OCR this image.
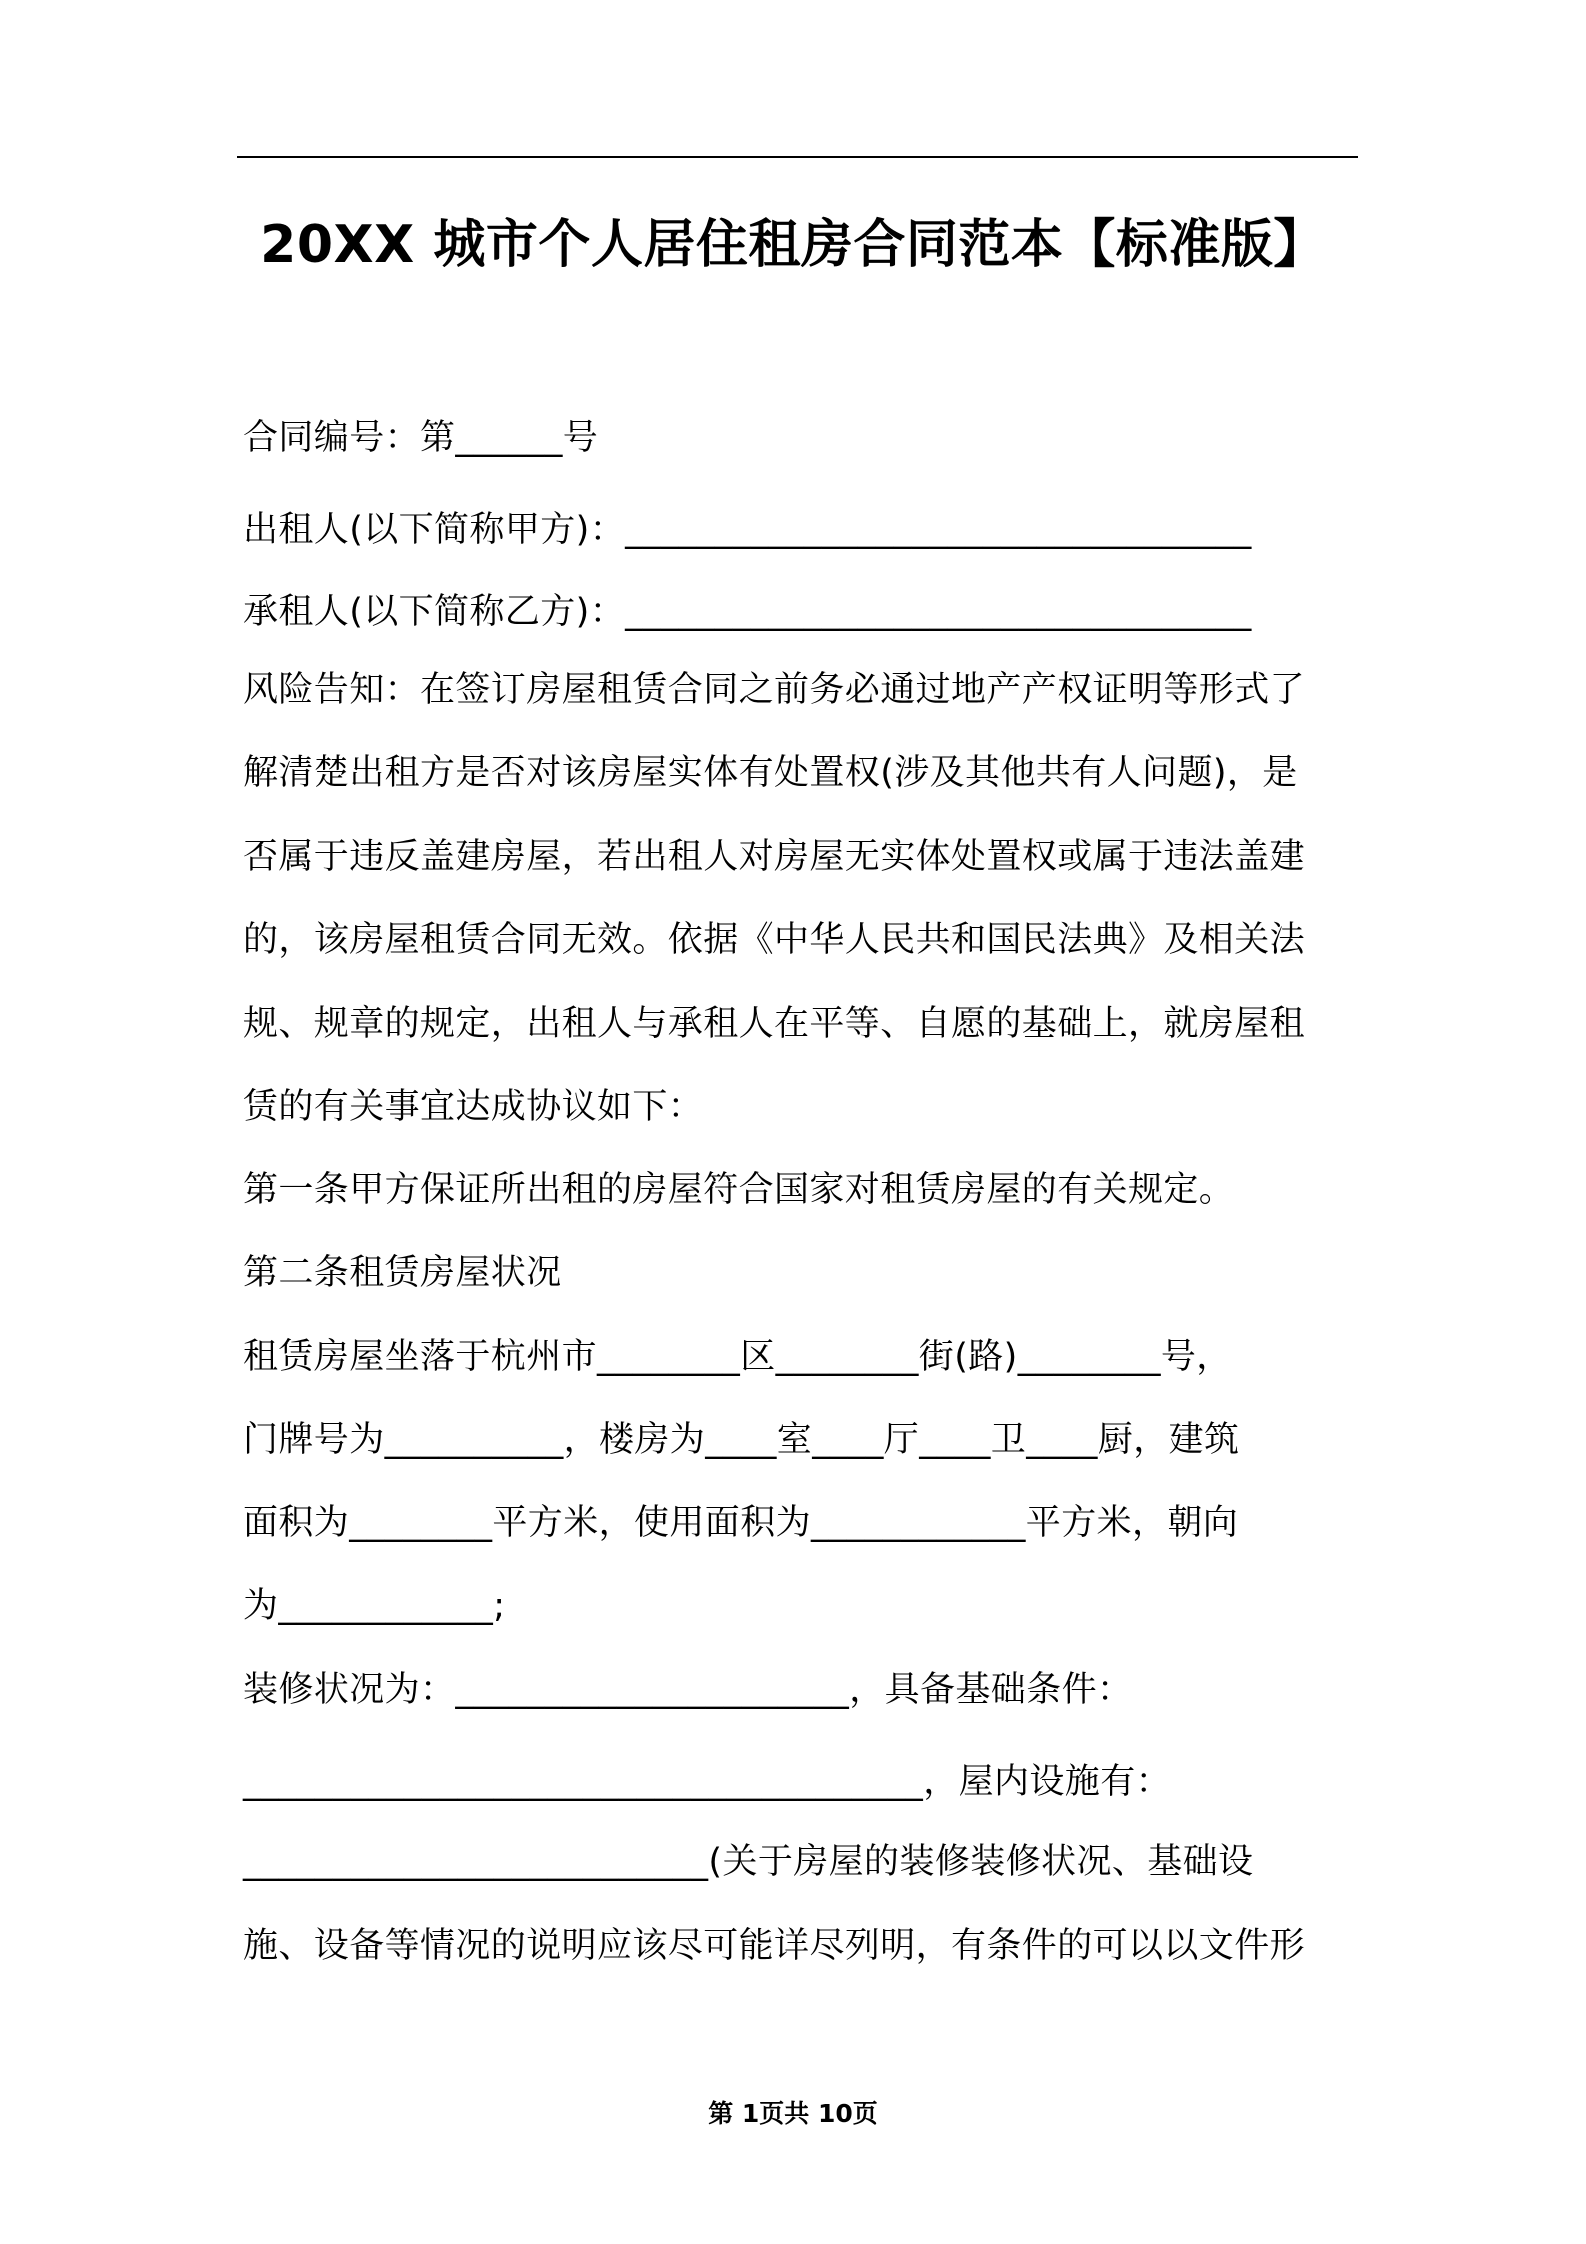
20XX 城市个人居住租房合同范本【标准版】
合同编号：第______号
出租人(以下简称甲方)：___________________________________
承租人(以下简称乙方)：___________________________________
风险告知：在签订房屋租赁合同之前务必通过地产产权证明等形式了
解清楚出租方是否对该房屋实体有处置权(涉及其他共有人问题)，是
否属于违反盖建房屋，若出租人对房屋无实体处置权或属于违法盖建
的，该房屋租赁合同无效。依据《中华人民共和国民法典》及相关法
规、规章的规定，出租人与承租人在平等、自愿的基础上，就房屋租
赁的有关事宜达成协议如下：
第一条甲方保证所出租的房屋符合国家对租赁房屋的有关规定。
第二条租赁房屋状况
租赁房屋坐落于杭州市________区________街(路)________号，
门牌号为__________，楼房为____室____厅____卫____厨，建筑
面积为________平方米，使用面积为____________平方米，朝向
为____________;
装修状况为：______________________，具备基础条件：
______________________________________，屋内设施有：
__________________________(关于房屋的装修装修状况、基础设
施、设备等情况的说明应该尽可能详尽列明，有条件的可以以文件形
第 1页共 10页
